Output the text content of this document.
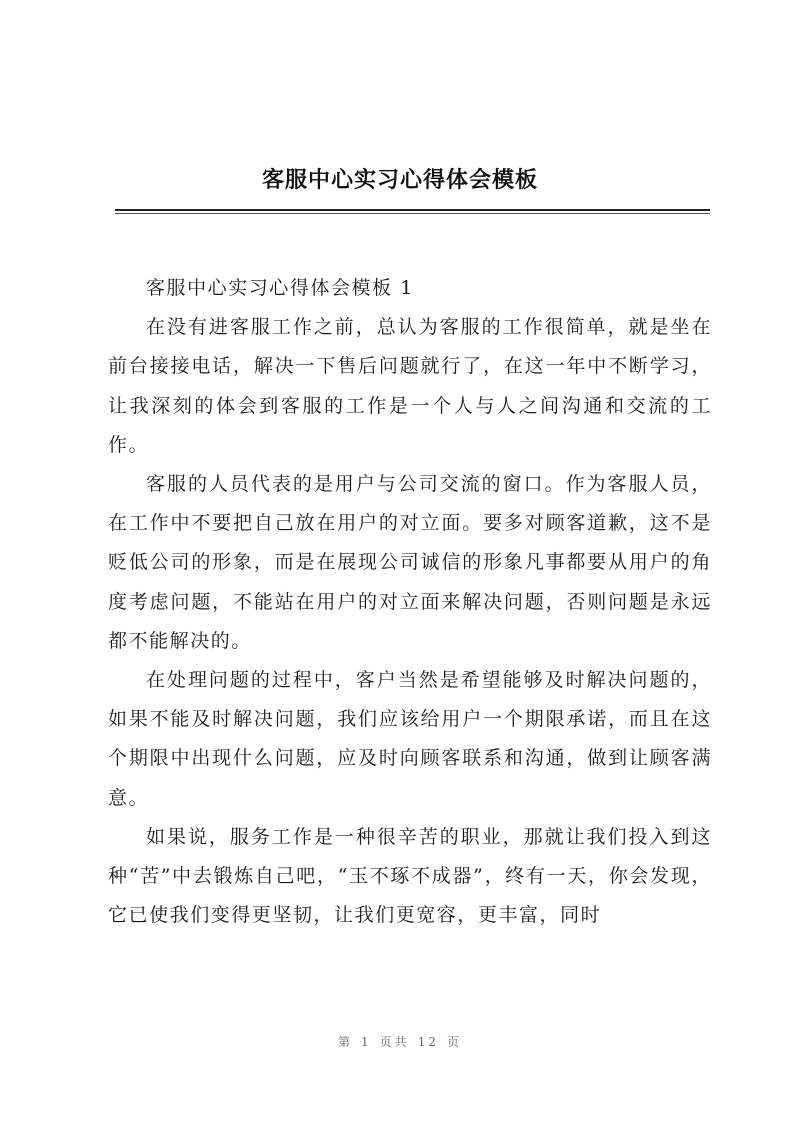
客服中心实习心得体会模板

客服中心实习心得体会模板 1

在没有进客服工作之前，总认为客服的工作很简单，就是坐在前台接接电话，解决一下售后问题就行了，在这一年中不断学习，让我深刻的体会到客服的工作是一个人与人之间沟通和交流的工作。

客服的人员代表的是用户与公司交流的窗口。作为客服人员，在工作中不要把自己放在用户的对立面。要多对顾客道歉，这不是贬低公司的形象，而是在展现公司诚信的形象凡事都要从用户的角度考虑问题，不能站在用户的对立面来解决问题，否则问题是永远都不能解决的。

在处理问题的过程中，客户当然是希望能够及时解决问题的，如果不能及时解决问题，我们应该给用户一个期限承诺，而且在这个期限中出现什么问题，应及时向顾客联系和沟通，做到让顾客满意。

如果说，服务工作是一种很辛苦的职业，那就让我们投入到这种“苦”中去锻炼自己吧，“玉不琢不成器”，终有一天，你会发现，它已使我们变得更坚韧，让我们更宽容，更丰富，同时

第 1 页共 12 页
